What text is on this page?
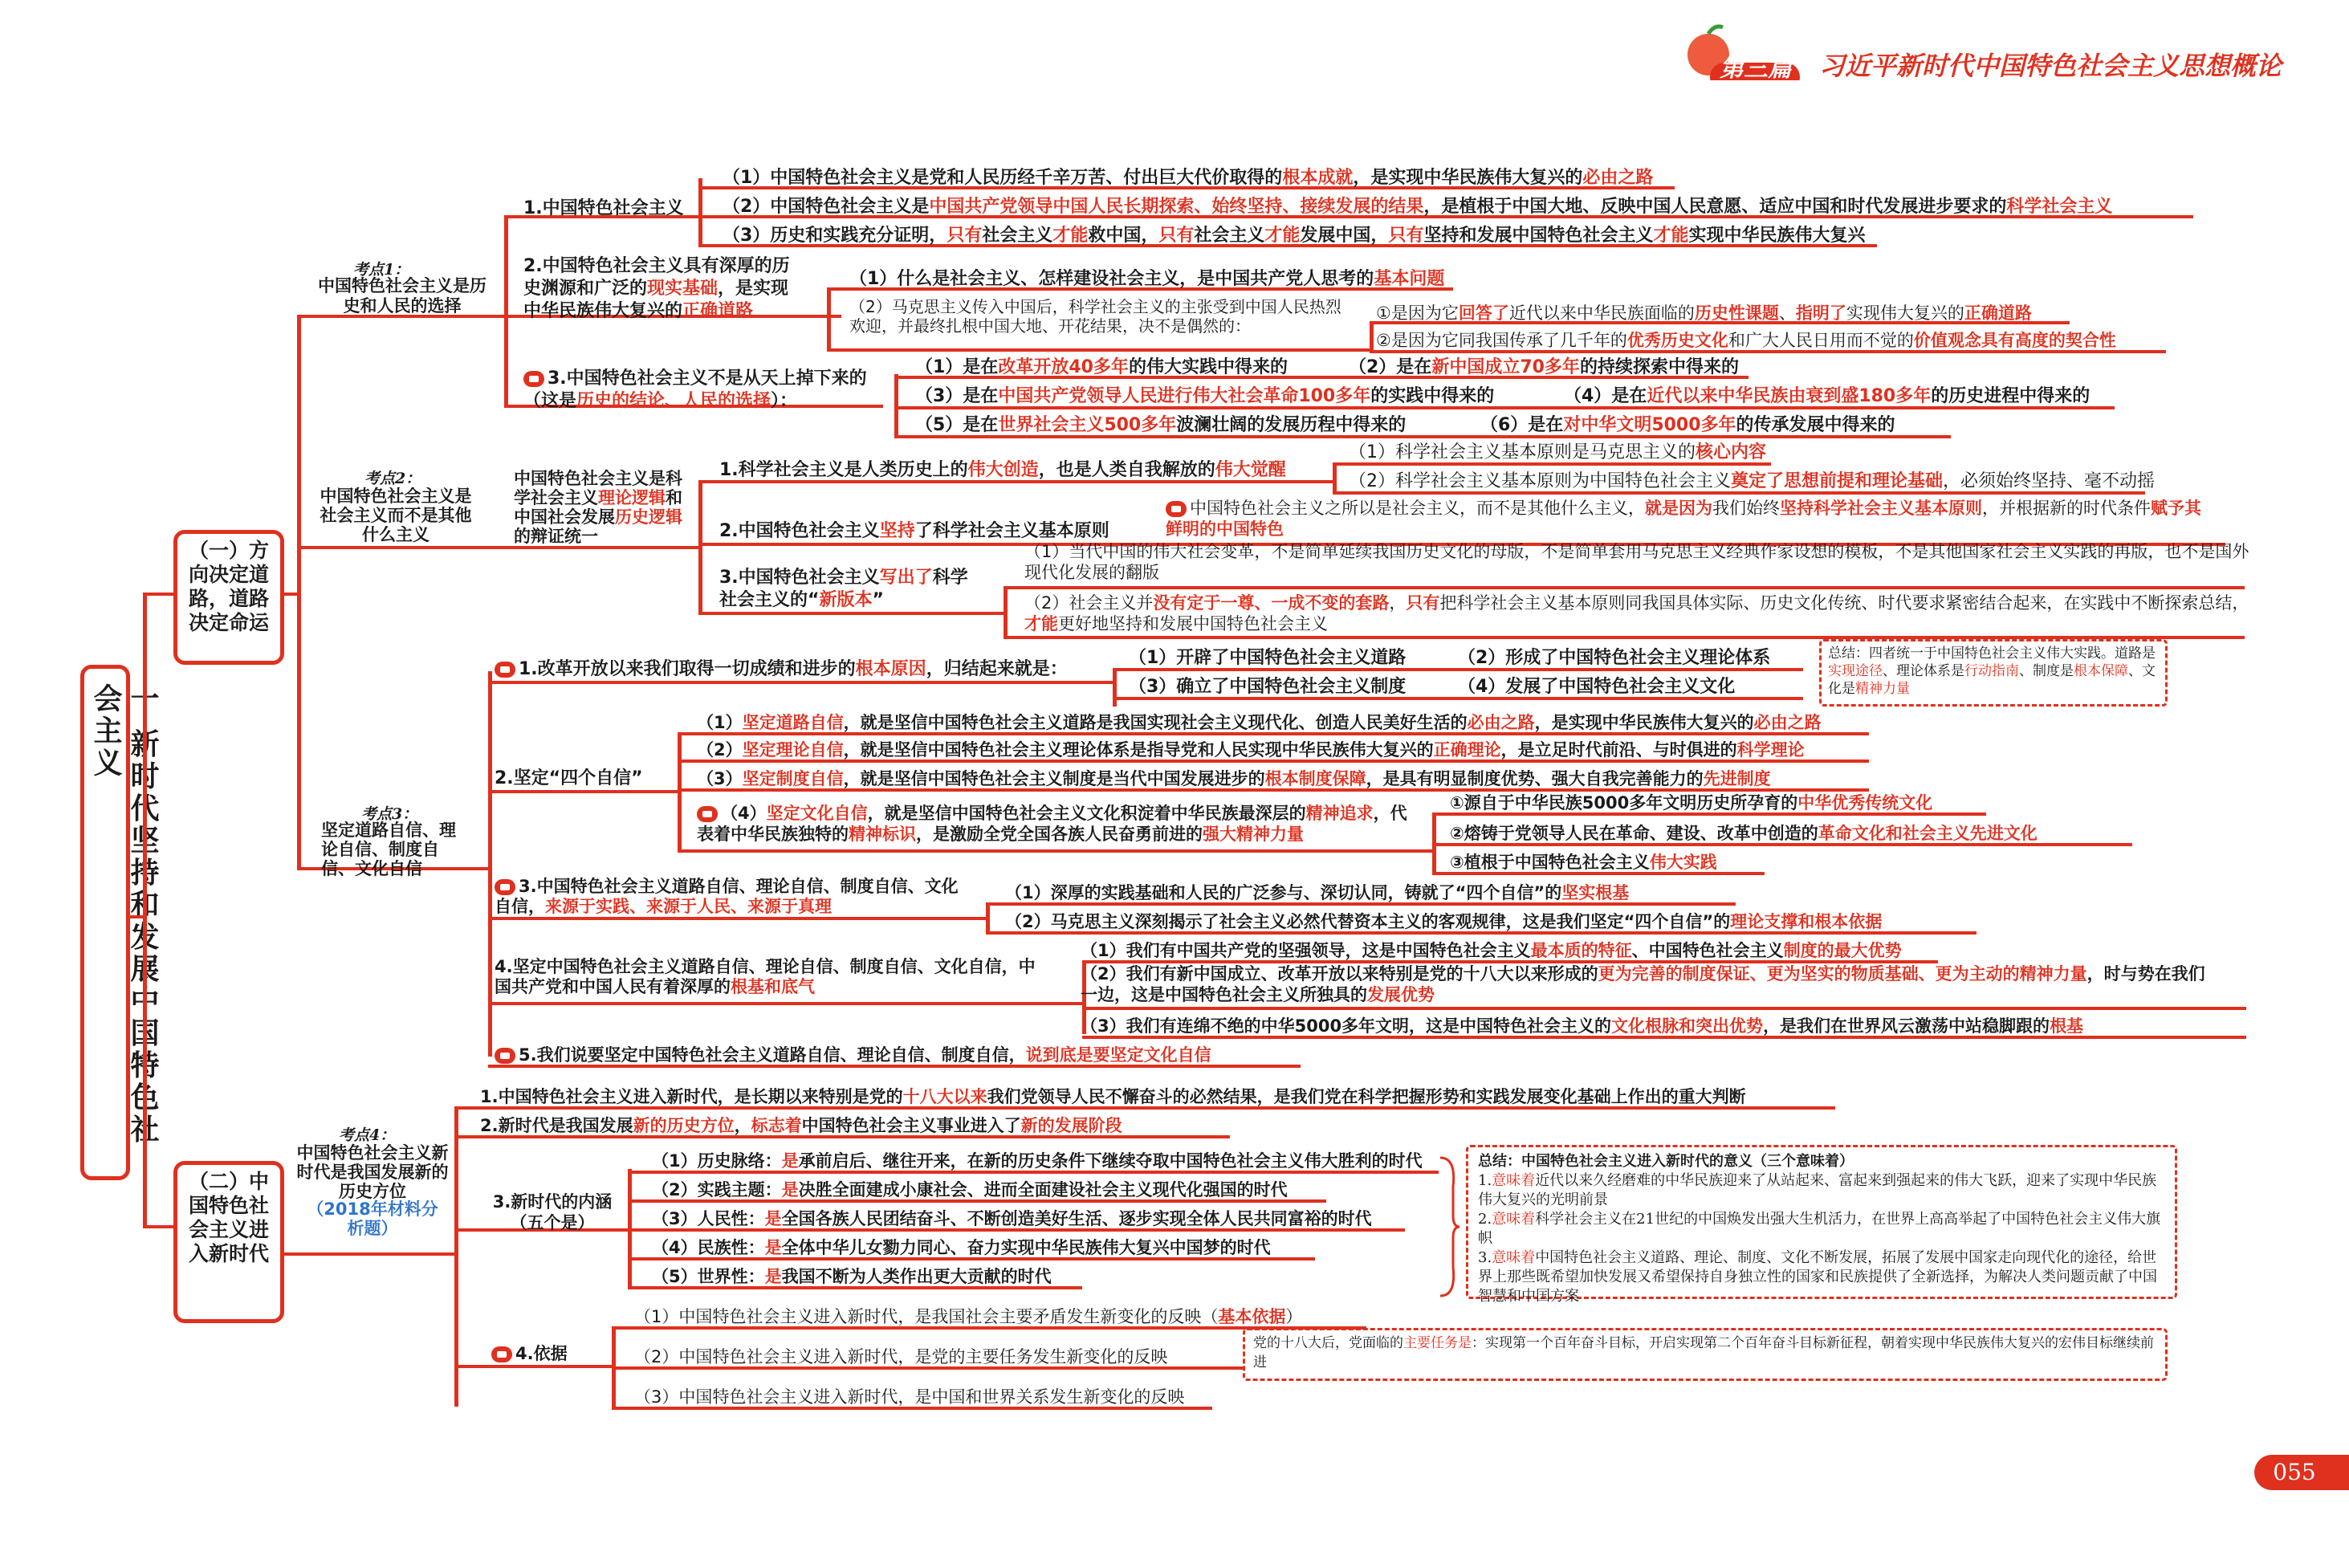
第三篇 习近平新时代中国特色社会主义思想概论
会主义
（一）方向决定道路，道路决定命运
考点1：
中国特色社会主义是历史和人民的选择
1.中国特色社会主义
（1）中国特色社会主义是党和人民历经千辛万苦、付出巨大代价取得的根本成就，是实现中华民族伟大复兴的必由之路
（2）中国特色社会主义是中国共产党领导中国人民长期探索、始终坚持、接续发展的结果，是植根于中国大地、反映中国人民意愿、适应中国和时代发展进步要求的科学社会主义
（3）历史和实践充分证明，只有社会主义才能救中国，只有社会主义才能发展中国，只有坚持和发展中国特色社会主义才能实现中华民族伟大复兴
2.中国特色社会主义具有深厚的历史渊源和广泛的现实基础，是实现中华民族伟大复兴的正确道路
（1）什么是社会主义、怎样建设社会主义，是中国共产党人思考的基本问题
（2）马克思主义传入中国后，科学社会主义的主张受到中国人民热烈欢迎，并最终扎根中国大地、开花结果，决不是偶然的：
①是因为它回答了近代以来中华民族面临的历史性课题、指明了实现伟大复兴的正确道路
②是因为它同我国传承了几千年的优秀历史文化和广大人民日用而不觉的价值观念具有高度的契合性
3.中国特色社会主义不是从天上掉下来的（这是历史的结论、人民的选择）：
（1）是在改革开放40多年的伟大实践中得来的	（2）是在新中国成立70多年的持续探索中得来的
（3）是在中国共产党领导人民进行伟大社会革命100多年的实践中得来的	（4）是在近代以来中华民族由衰到盛180多年的历史进程中得来的
（5）是在世界社会主义500多年波澜壮阔的发展历程中得来的	（6）是在对中华文明5000多年的传承发展中得来的
考点2：
中国特色社会主义是社会主义而不是其他什么主义
中国特色社会主义是科学社会主义理论逻辑和中国社会发展历史逻辑的辩证统一
1.科学社会主义是人类历史上的伟大创造，也是人类自我解放的伟大觉醒
（1）科学社会主义基本原则是马克思主义的核心内容
（2）科学社会主义基本原则为中国特色社会主义奠定了思想前提和理论基础，必须始终坚持、毫不动摇
2.中国特色社会主义坚持了科学社会主义基本原则
中国特色社会主义之所以是社会主义，而不是其他什么主义，就是因为我们始终坚持科学社会主义基本原则，并根据新的时代条件赋予其鲜明的中国特色
3.中国特色社会主义写出了科学社会主义的“新版本”
（1）当代中国的伟大社会变革，不是简单延续我国历史文化的母版，不是简单套用马克思主义经典作家设想的模板，不是其他国家社会主义实践的再版，也不是国外现代化发展的翻版
（2）社会主义并没有定于一尊、一成不变的套路，只有把科学社会主义基本原则同我国具体实际、历史文化传统、时代要求紧密结合起来，在实践中不断探索总结，才能更好地坚持和发展中国特色社会主义
考点3：
坚定道路自信、理论自信、制度自信、文化自信
1.改革开放以来我们取得一切成绩和进步的根本原因，归结起来就是：
（1）开辟了中国特色社会主义道路	（2）形成了中国特色社会主义理论体系
（3）确立了中国特色社会主义制度	（4）发展了中国特色社会主义文化
总结：四者统一于中国特色社会主义伟大实践。道路是实现途径、理论体系是行动指南、制度是根本保障、文化是精神力量
2.坚定“四个自信”
（1）坚定道路自信，就是坚信中国特色社会主义道路是我国实现社会主义现代化、创造人民美好生活的必由之路，是实现中华民族伟大复兴的必由之路
（2）坚定理论自信，就是坚信中国特色社会主义理论体系是指导党和人民实现中华民族伟大复兴的正确理论，是立足时代前沿、与时俱进的科学理论
（3）坚定制度自信，就是坚信中国特色社会主义制度是当代中国发展进步的根本制度保障，是具有明显制度优势、强大自我完善能力的先进制度
（4）坚定文化自信，就是坚信中国特色社会主义文化积淀着中华民族最深层的精神追求，代表着中华民族独特的精神标识，是激励全党全国各族人民奋勇前进的强大精神力量
①源自于中华民族5000多年文明历史所孕育的中华优秀传统文化
②熔铸于党领导人民在革命、建设、改革中创造的革命文化和社会主义先进文化
③植根于中国特色社会主义伟大实践
3.中国特色社会主义道路自信、理论自信、制度自信、文化自信，来源于实践、来源于人民、来源于真理
（1）深厚的实践基础和人民的广泛参与、深切认同，铸就了“四个自信”的坚实根基
（2）马克思主义深刻揭示了社会主义必然代替资本主义的客观规律，这是我们坚定“四个自信”的理论支撑和根本依据
4.坚定中国特色社会主义道路自信、理论自信、制度自信、文化自信，中国共产党和中国人民有着深厚的根基和底气
（1）我们有中国共产党的坚强领导，这是中国特色社会主义最本质的特征、中国特色社会主义制度的最大优势
（2）我们有新中国成立、改革开放以来特别是党的十八大以来形成的更为完善的制度保证、更为坚实的物质基础、更为主动的精神力量，时与势在我们一边，这是中国特色社会主义所独具的发展优势
（3）我们有连绵不绝的中华5000多年文明，这是中国特色社会主义的文化根脉和突出优势，是我们在世界风云激荡中站稳脚跟的根基
5.我们说要坚定中国特色社会主义道路自信、理论自信、制度自信，说到底是要坚定文化自信
（二）中国特色社会主义进入新时代
考点4：
中国特色社会主义新时代是我国发展新的历史方位
（2018年材料分析题）
1.中国特色社会主义进入新时代，是长期以来特别是党的十八大以来我们党领导人民不懈奋斗的必然结果，是我们党在科学把握形势和实践发展变化基础上作出的重大判断
2.新时代是我国发展新的历史方位，标志着中国特色社会主义事业进入了新的发展阶段
3.新时代的内涵（五个是）
（1）历史脉络：是承前启后、继往开来，在新的历史条件下继续夺取中国特色社会主义伟大胜利的时代
（2）实践主题：是决胜全面建成小康社会、进而全面建设社会主义现代化强国的时代
（3）人民性：是全国各族人民团结奋斗、不断创造美好生活、逐步实现全体人民共同富裕的时代
（4）民族性：是全体中华儿女勠力同心、奋力实现中华民族伟大复兴中国梦的时代
（5）世界性：是我国不断为人类作出更大贡献的时代
总结：中国特色社会主义进入新时代的意义（三个意味着）
1.意味着近代以来久经磨难的中华民族迎来了从站起来、富起来到强起来的伟大飞跃，迎来了实现中华民族伟大复兴的光明前景
2.意味着科学社会主义在21世纪的中国焕发出强大生机活力，在世界上高高举起了中国特色社会主义伟大旗帜
3.意味着中国特色社会主义道路、理论、制度、文化不断发展，拓展了发展中国家走向现代化的途径，给世界上那些既希望加快发展又希望保持自身独立性的国家和民族提供了全新选择，为解决人类问题贡献了中国智慧和中国方案
4.依据
（1）中国特色社会主义进入新时代，是我国社会主要矛盾发生新变化的反映（基本依据）
（2）中国特色社会主义进入新时代，是党的主要任务发生新变化的反映
党的十八大后，党面临的主要任务是：实现第一个百年奋斗目标，开启实现第二个百年奋斗目标新征程，朝着实现中华民族伟大复兴的宏伟目标继续前进
（3）中国特色社会主义进入新时代，是中国和世界关系发生新变化的反映
055
